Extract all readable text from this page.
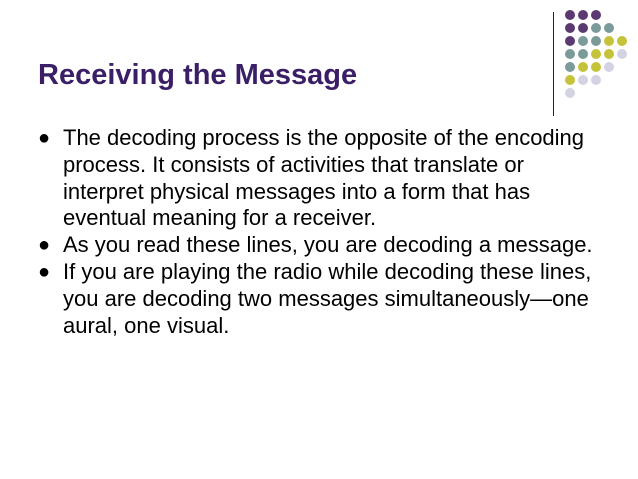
Receiving the Message
● The decoding process is the opposite of the encoding process. It consists of activities that translate or interpret physical messages into a form that has eventual meaning for a receiver.
● As you read these lines, you are decoding a message.
● If you are playing the radio while decoding these lines, you are decoding two messages simultaneously—one aural, one visual.
